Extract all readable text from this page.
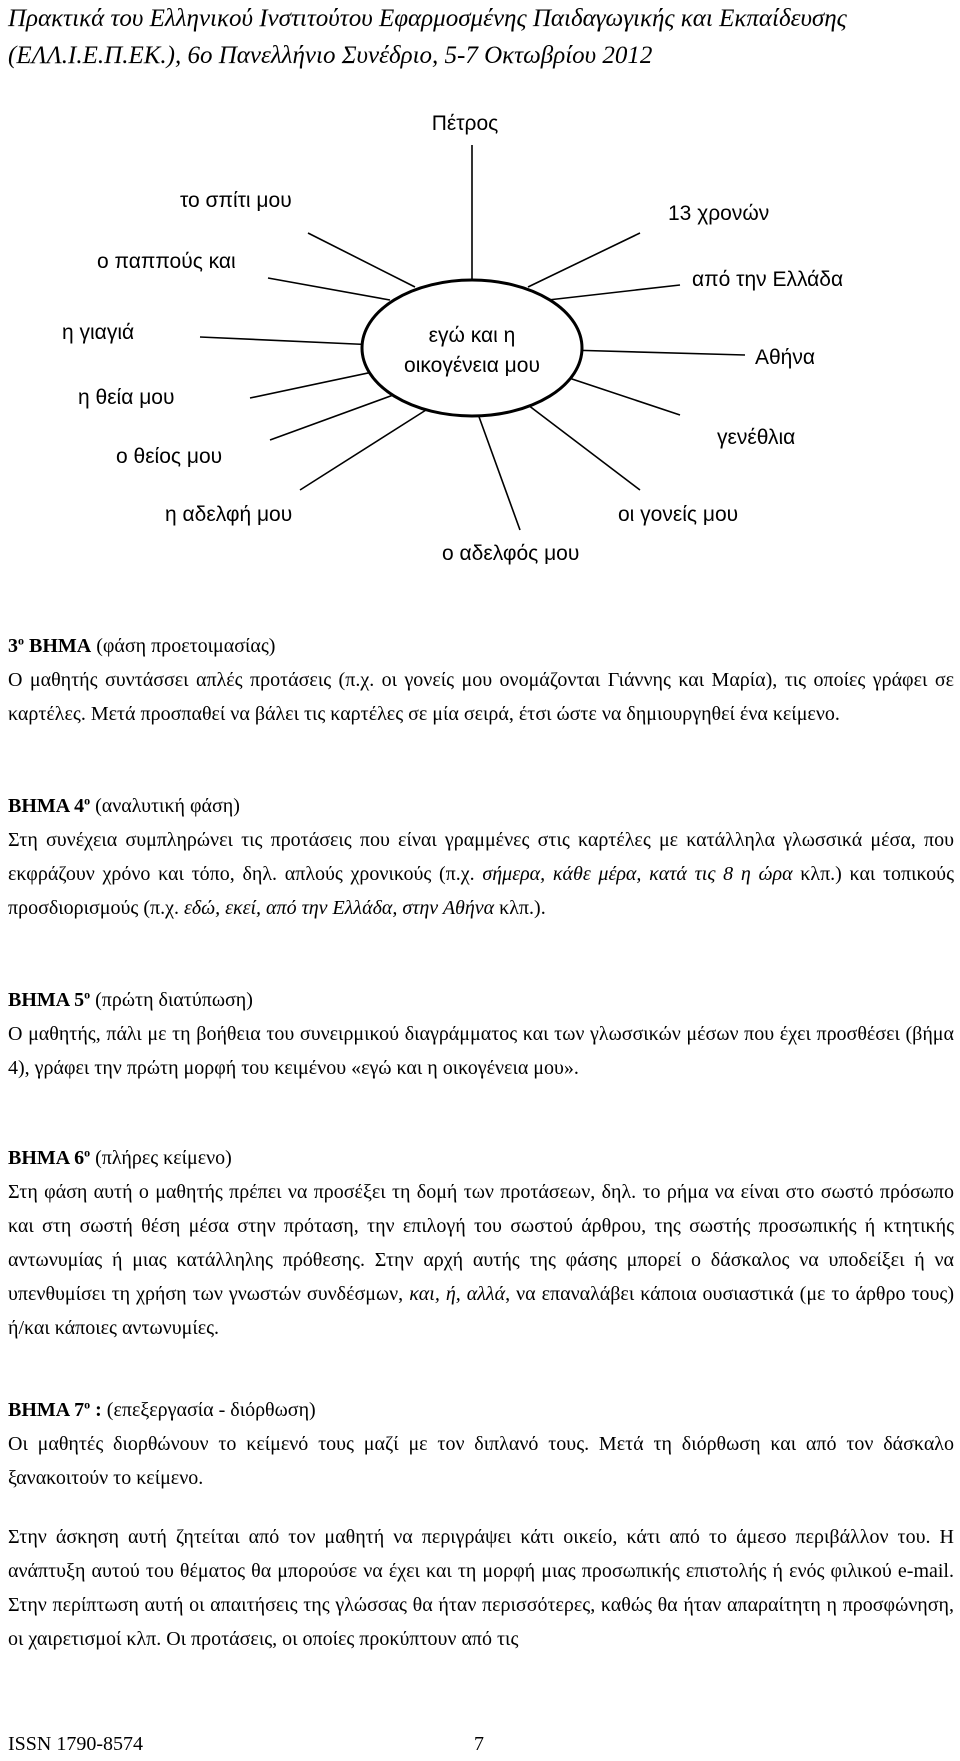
Πρακτικά του Ελληνικού Ινστιτούτου Εφαρμοσμένης Παιδαγωγικής και Εκπαίδευσης
(ΕΛΛ.Ι.Ε.Π.ΕΚ.), 6ο Πανελλήνιο Συνέδριο, 5-7 Οκτωβρίου 2012
εγώ και η
οικογένεια μου
Πέτρος
το σπίτι μου
13 χρονών
ο παππούς και
από την Ελλάδα
η γιαγιά
Αθήνα
η θεία μου
γενέθλια
ο θείος μου
η αδελφή μου	οι γονείς μου
ο αδελφός μου

$3^o$ ΒΗΜΑ (φάση προετοιμασίας)

Ο μαθητής συντάσσει απλές προτάσεις (π.χ. οι γονείς μου ονομάζονται Γιάννης και Μαρία), τις οποίες γράφει σε καρτέλες. Μετά προσπαθεί να βάλει τις καρτέλες σε μία σειρά, έτσι ώστε να δημιουργηθεί ένα κείμενο.

ΒΗΜΑ $4^o$ (αναλυτική φάση)

Στη συνέχεια συμπληρώνει τις προτάσεις που είναι γραμμένες στις καρτέλες με κατάλληλα γλωσσικά μέσα, που εκφράζουν χρόνο και τόπο, δηλ. απλούς χρονικούς (π.χ. σήμερα, κάθε μέρα, κατά τις 8 η ώρα κλπ.) και τοπικούς προσδιορισμούς (π.χ. εδώ, εκεί, από την Ελλάδα, στην Αθήνα κλπ.).

ΒΗΜΑ $5^o$ (πρώτη διατύπωση)

Ο μαθητής, πάλι με τη βοήθεια του συνειρμικού διαγράμματος και των γλωσσικών μέσων που έχει προσθέσει (βήμα 4), γράφει την πρώτη μορφή του κειμένου «εγώ και η οικογένεια μου».

ΒΗΜΑ $6^o$ (πλήρες κείμενο)

Στη φάση αυτή ο μαθητής πρέπει να προσέξει τη δομή των προτάσεων, δηλ. το ρήμα να είναι στο σωστό πρόσωπο και στη σωστή θέση μέσα στην πρόταση, την επιλογή του σωστού άρθρου, της σωστής προσωπικής ή κτητικής αντωνυμίας ή μιας κατάλληλης πρόθεσης. Στην αρχή αυτής της φάσης μπορεί ο δάσκαλος να υποδείξει ή να υπενθυμίσει τη χρήση των γνωστών συνδέσμων, και, ή, αλλά, να επαναλάβει κάποια ουσιαστικά (με το άρθρο τους) ή/και κάποιες αντωνυμίες.

ΒΗΜΑ $7^o$ : (επεξεργασία - διόρθωση)

Οι μαθητές διορθώνουν το κείμενό τους μαζί με τον διπλανό τους. Μετά τη διόρθωση και από τον δάσκαλο ξανακοιτούν το κείμενο.

Στην άσκηση αυτή ζητείται από τον μαθητή να περιγράψει κάτι οικείο, κάτι από το άμεσο περιβάλλον του. Η ανάπτυξη αυτού του θέματος θα μπορούσε να έχει και τη μορφή μιας προσωπικής επιστολής ή ενός φιλικού e-mail. Στην περίπτωση αυτή οι απαιτήσεις της γλώσσας θα ήταν περισσότερες, καθώς θα ήταν απαραίτητη η προσφώνηση, οι χαιρετισμοί κλπ. Οι προτάσεις, οι οποίες προκύπτουν από τις

ISSN 1790-8574	7
